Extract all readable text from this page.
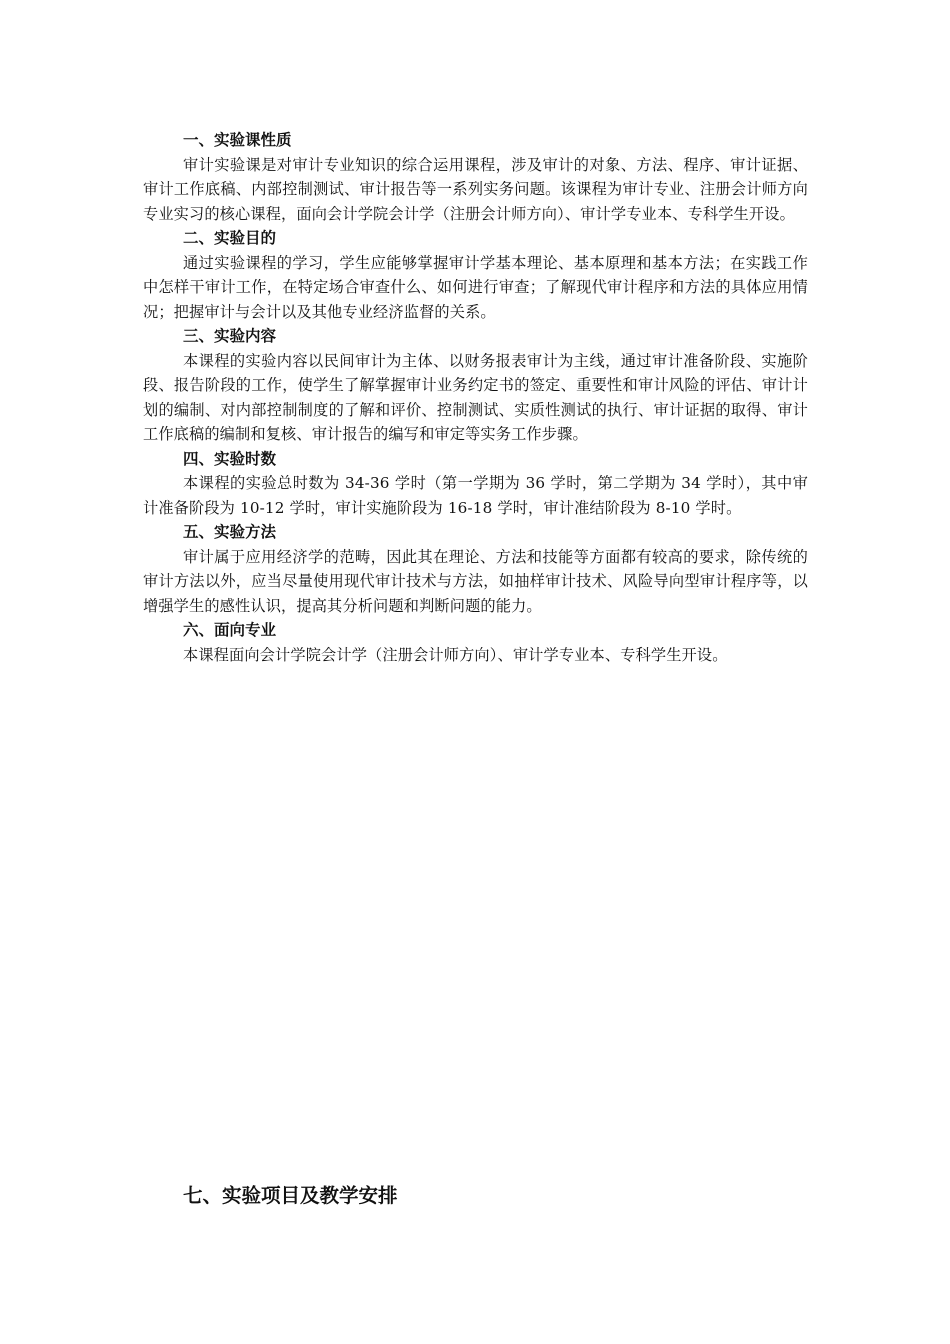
一、实验课性质

审计实验课是对审计专业知识的综合运用课程，涉及审计的对象、方法、程序、审计证据、审计工作底稿、内部控制测试、审计报告等一系列实务问题。该课程为审计专业、注册会计师方向专业实习的核心课程，面向会计学院会计学（注册会计师方向）、审计学专业本、专科学生开设。

二、实验目的

通过实验课程的学习，学生应能够掌握审计学基本理论、基本原理和基本方法；在实践工作中怎样干审计工作，在特定场合审查什么、如何进行审查；了解现代审计程序和方法的具体应用情况；把握审计与会计以及其他专业经济监督的关系。

三、实验内容

本课程的实验内容以民间审计为主体、以财务报表审计为主线，通过审计准备阶段、实施阶段、报告阶段的工作，使学生了解掌握审计业务约定书的签定、重要性和审计风险的评估、审计计划的编制、对内部控制制度的了解和评价、控制测试、实质性测试的执行、审计证据的取得、审计工作底稿的编制和复核、审计报告的编写和审定等实务工作步骤。

四、实验时数

本课程的实验总时数为 34-36 学时（第一学期为 36 学时，第二学期为 34 学时），其中审计准备阶段为 10-12 学时，审计实施阶段为 16-18 学时，审计准结阶段为 8-10 学时。

五、实验方法

审计属于应用经济学的范畴，因此其在理论、方法和技能等方面都有较高的要求，除传统的审计方法以外，应当尽量使用现代审计技术与方法，如抽样审计技术、风险导向型审计程序等，以增强学生的感性认识，提高其分析问题和判断问题的能力。

六、面向专业

本课程面向会计学院会计学（注册会计师方向）、审计学专业本、专科学生开设。

七、实验项目及教学安排
